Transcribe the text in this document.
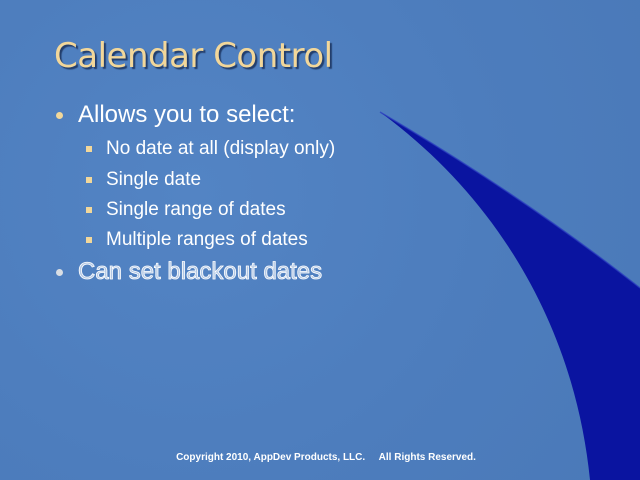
Calendar Control
Allows you to select:
No date at all (display only)
Single date
Single range of dates
Multiple ranges of dates
Can set blackout dates
Copyright 2010, AppDev Products, LLC.     All Rights Reserved.
